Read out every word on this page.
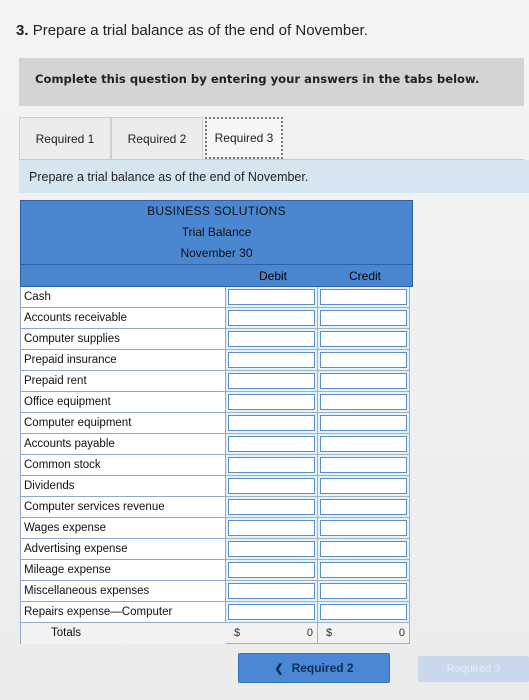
3. Prepare a trial balance as of the end of November.
Complete this question by entering your answers in the tabs below.
Required 1	Required 2	Required 3
Prepare a trial balance as of the end of November.
BUSINESS SOLUTIONS
Trial Balance
November 30
Debit	Credit
Cash
Accounts receivable
Computer supplies
Prepaid insurance
Prepaid rent
Office equipment
Computer equipment
Accounts payable
Common stock
Dividends
Computer services revenue
Wages expense
Advertising expense
Mileage expense
Miscellaneous expenses
Repairs expense—Computer
Totals	$	0 $	0
❮ Required 2	Required 3
